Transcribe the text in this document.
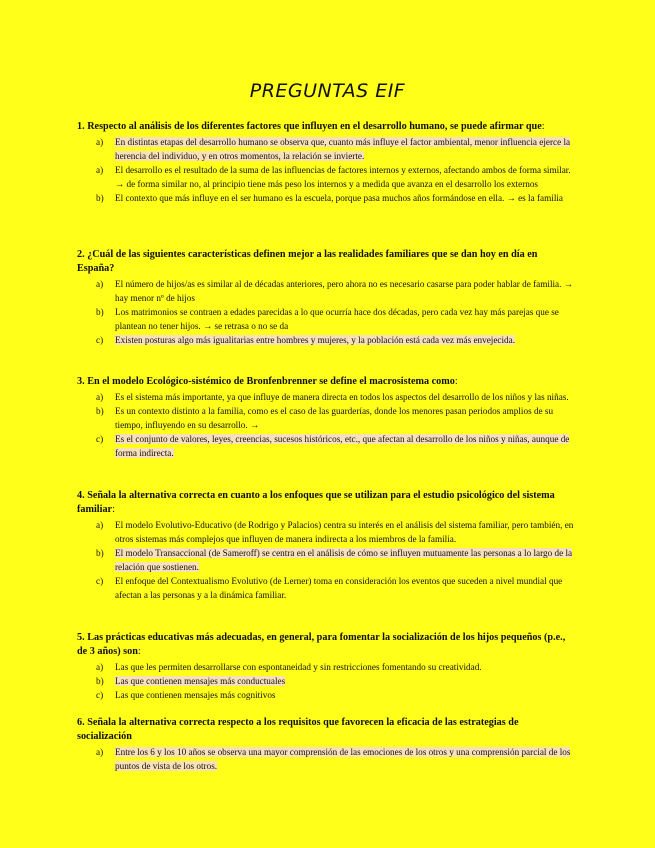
PREGUNTAS EIF
1. Respecto al análisis de los diferentes factores que influyen en el desarrollo humano, se puede afirmar que:
a) En distintas etapas del desarrollo humano se observa que, cuanto más influye el factor ambiental, menor influencia ejerce la herencia del individuo, y en otros momentos, la relación se invierte.
a) El desarrollo es el resultado de la suma de las influencias de factores internos y externos, afectando ambos de forma similar. → de forma similar no, al principio tiene más peso los internos y a medida que avanza en el desarrollo los externos
b) El contexto que más influye en el ser humano es la escuela, porque pasa muchos años formándose en ella. → es la familia
2. ¿Cuál de las siguientes características definen mejor a las realidades familiares que se dan hoy en día en España?
a) El número de hijos/as es similar al de décadas anteriores, pero ahora no es necesario casarse para poder hablar de familia. → hay menor nº de hijos
b) Los matrimonios se contraen a edades parecidas a lo que ocurría hace dos décadas, pero cada vez hay más parejas que se plantean no tener hijos. → se retrasa o no se da
c) Existen posturas algo más igualitarias entre hombres y mujeres, y la población está cada vez más envejecida.
3. En el modelo Ecológico-sistémico de Bronfenbrenner se define el macrosistema como:
a) Es el sistema más importante, ya que influye de manera directa en todos los aspectos del desarrollo de los niños y las niñas.
b) Es un contexto distinto a la familia, como es el caso de las guarderías, donde los menores pasan periodos amplios de su tiempo, influyendo en su desarrollo. →
c) Es el conjunto de valores, leyes, creencias, sucesos históricos, etc., que afectan al desarrollo de los niños y niñas, aunque de forma indirecta.
4. Señala la alternativa correcta en cuanto a los enfoques que se utilizan para el estudio psicológico del sistema familiar:
a) El modelo Evolutivo-Educativo (de Rodrigo y Palacios) centra su interés en el análisis del sistema familiar, pero también, en otros sistemas más complejos que influyen de manera indirecta a los miembros de la familia.
b) El modelo Transaccional (de Sameroff) se centra en el análisis de cómo se influyen mutuamente las personas a lo largo de la relación que sostienen.
c) El enfoque del Contextualismo Evolutivo (de Lerner) toma en consideración los eventos que suceden a nivel mundial que afectan a las personas y a la dinámica familiar.
5. Las prácticas educativas más adecuadas, en general, para fomentar la socialización de los hijos pequeños (p.e., de 3 años) son:
a) Las que les permiten desarrollarse con espontaneidad y sin restricciones fomentando su creatividad.
b) Las que contienen mensajes más conductuales
c) Las que contienen mensajes más cognitivos
6. Señala la alternativa correcta respecto a los requisitos que favorecen la eficacia de las estrategias de socialización
a) Entre los 6 y los 10 años se observa una mayor comprensión de las emociones de los otros y una comprensión parcial de los puntos de vista de los otros.
